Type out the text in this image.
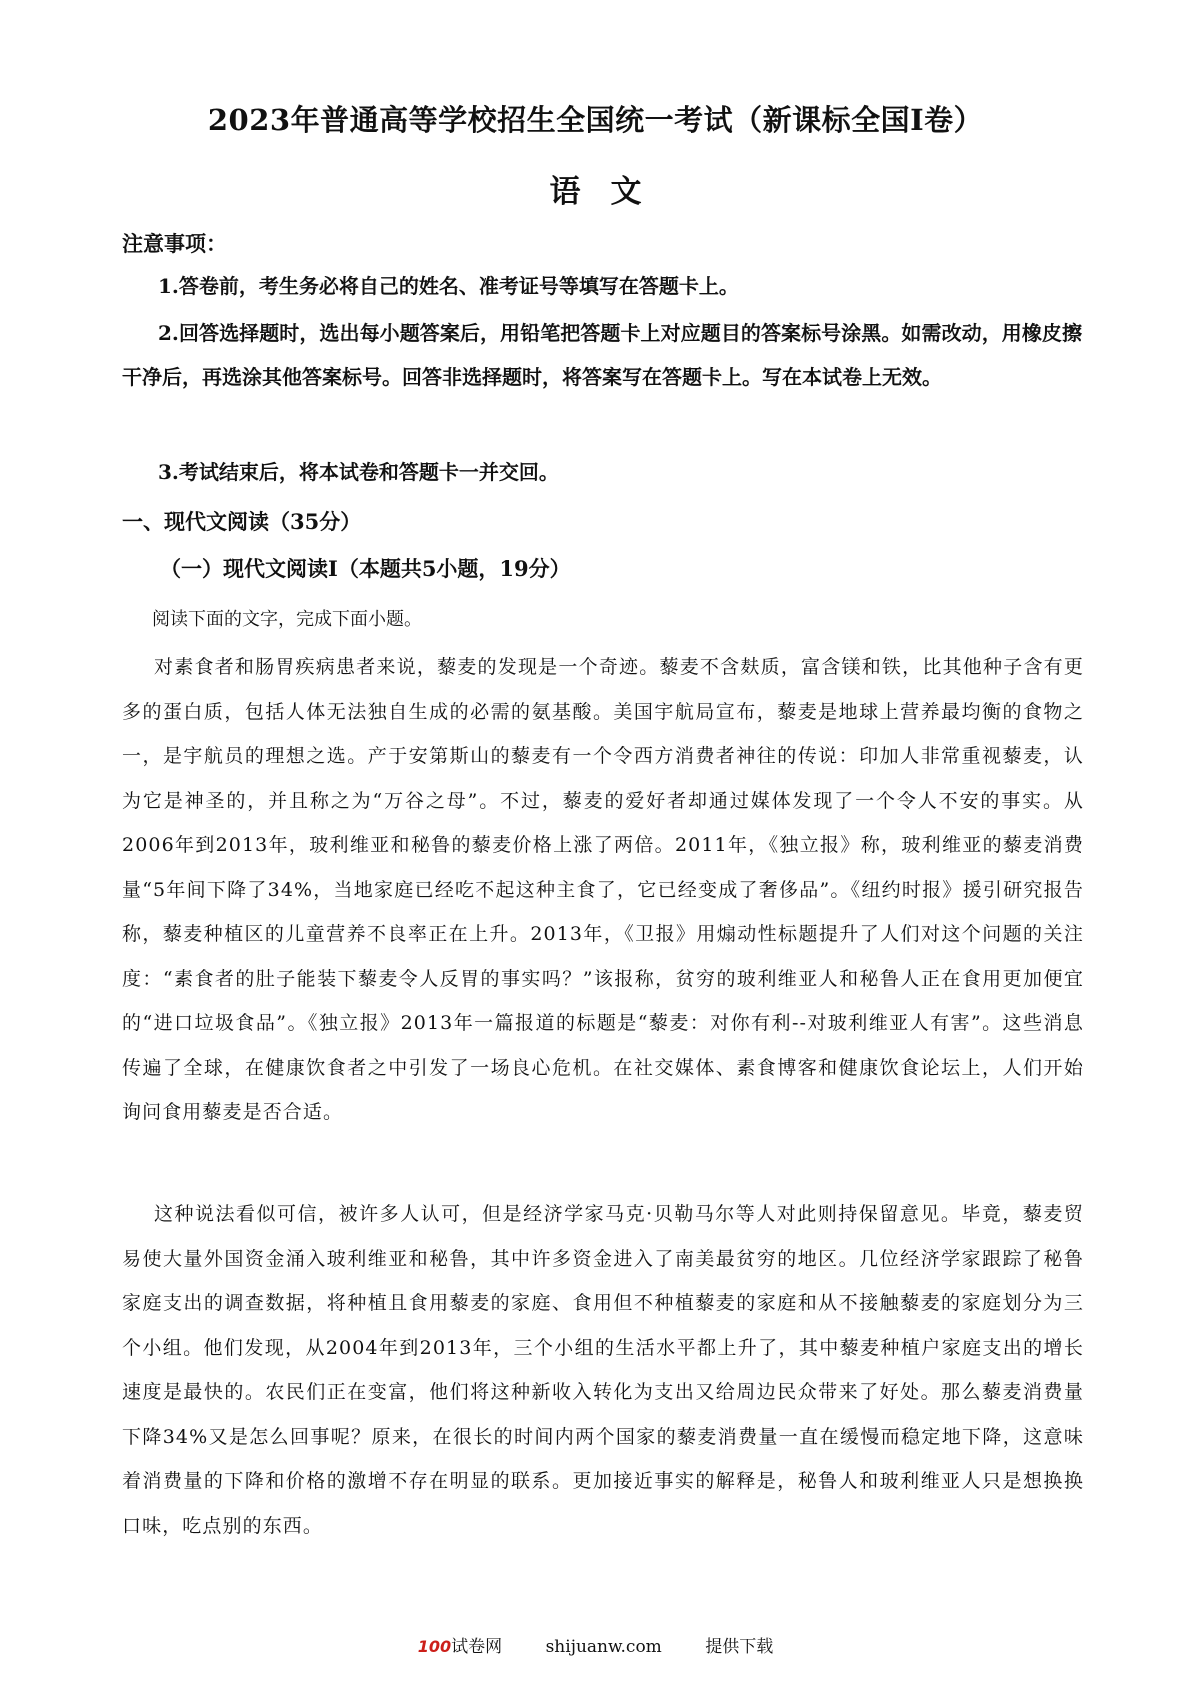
2023年普通高等学校招生全国统一考试（新课标全国Ⅰ卷）
语文
注意事项：

1.答卷前，考生务必将自己的姓名、准考证号等填写在答题卡上。

2.回答选择题时，选出每小题答案后，用铅笔把答题卡上对应题目的答案标号涂黑。如需改动，用橡皮擦干净后，再选涂其他答案标号。回答非选择题时，将答案写在答题卡上。写在本试卷上无效。

3.考试结束后，将本试卷和答题卡一并交回。

一、现代文阅读（35分）
（一）现代文阅读Ⅰ（本题共5小题，19分）
阅读下面的文字，完成下面小题。

对素食者和肠胃疾病患者来说，藜麦的发现是一个奇迹。藜麦不含麸质，富含镁和铁，比其他种子含有更多的蛋白质，包括人体无法独自生成的必需的氨基酸。美国宇航局宣布，藜麦是地球上营养最均衡的食物之一，是宇航员的理想之选。产于安第斯山的藜麦有一个令西方消费者神往的传说：印加人非常重视藜麦，认为它是神圣的，并且称之为“万谷之母”。不过，藜麦的爱好者却通过媒体发现了一个令人不安的事实。从2006年到2013年，玻利维亚和秘鲁的藜麦价格上涨了两倍。2011年，《独立报》称，玻利维亚的藜麦消费量“5年间下降了34%，当地家庭已经吃不起这种主食了，它已经变成了奢侈品”。《纽约时报》援引研究报告称，藜麦种植区的儿童营养不良率正在上升。2013年，《卫报》用煽动性标题提升了人们对这个问题的关注度：“素食者的肚子能装下藜麦令人反胃的事实吗？”该报称，贫穷的玻利维亚人和秘鲁人正在食用更加便宜的“进口垃圾食品”。《独立报》2013年一篇报道的标题是“藜麦：对你有利--对玻利维亚人有害”。这些消息传遍了全球，在健康饮食者之中引发了一场良心危机。在社交媒体、素食博客和健康饮食论坛上，人们开始询问食用藜麦是否合适。

这种说法看似可信，被许多人认可，但是经济学家马克·贝勒马尔等人对此则持保留意见。毕竟，藜麦贸易使大量外国资金涌入玻利维亚和秘鲁，其中许多资金进入了南美最贫穷的地区。几位经济学家跟踪了秘鲁家庭支出的调查数据，将种植且食用藜麦的家庭、食用但不种植藜麦的家庭和从不接触藜麦的家庭划分为三个小组。他们发现，从2004年到2013年，三个小组的生活水平都上升了，其中藜麦种植户家庭支出的增长速度是最快的。农民们正在变富，他们将这种新收入转化为支出又给周边民众带来了好处。那么藜麦消费量下降34%又是怎么回事呢？原来，在很长的时间内两个国家的藜麦消费量一直在缓慢而稳定地下降，这意味着消费量的下降和价格的激增不存在明显的联系。更加接近事实的解释是，秘鲁人和玻利维亚人只是想换换口味，吃点别的东西。

100试卷网	shijuanw.com	提供下载
